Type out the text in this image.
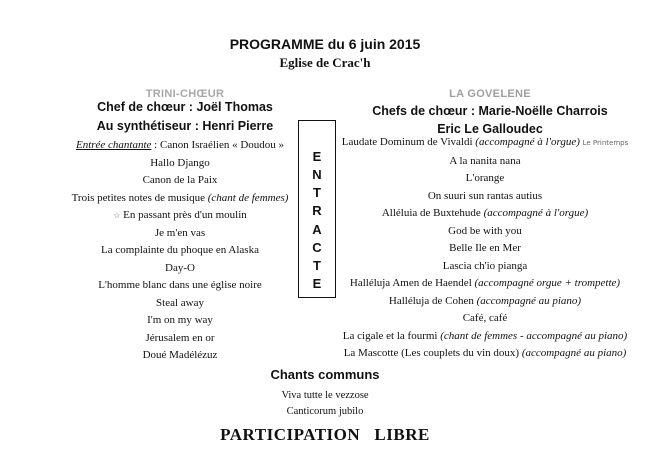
PROGRAMME du 6 juin 2015
Eglise de Crac'h
TRINI-CHŒUR
Chef de chœur : Joël Thomas
Au synthétiseur : Henri Pierre
Entrée chantante : Canon Israélien « Doudou »
Hallo Django
Canon de la Paix
Trois petites notes de musique (chant de femmes)
☆ En passant près d'un moulin
Je m'en vas
La complainte du phoque en Alaska
Day-O
L'homme blanc dans une église noire
Steal away
I'm on my way
Jérusalem en or
Doué Madélézuz
E
N
T
R
A
C
T
E
LA GOVELENE
Chefs de chœur : Marie-Noëlle Charrois
Eric Le Galloudec
Laudate Dominum de Vivaldi (accompagné à l'orgue) Le Printemps
A la nanita nana
L'orange
On suuri sun rantas autius
Alléluia de Buxtehude (accompagné à l'orgue)
God be with you
Belle Ile en Mer
Lascia ch'io pianga
Halléluja Amen de Haendel (accompagné orgue + trompette)
Halléluja de Cohen (accompagné au piano)
Café, café
La cigale et la fourmi (chant de femmes - accompagné au piano)
La Mascotte (Les couplets du vin doux) (accompagné au piano)
Chants communs
Viva tutte le vezzose
Canticorum jubilo
PARTICIPATION   LIBRE
